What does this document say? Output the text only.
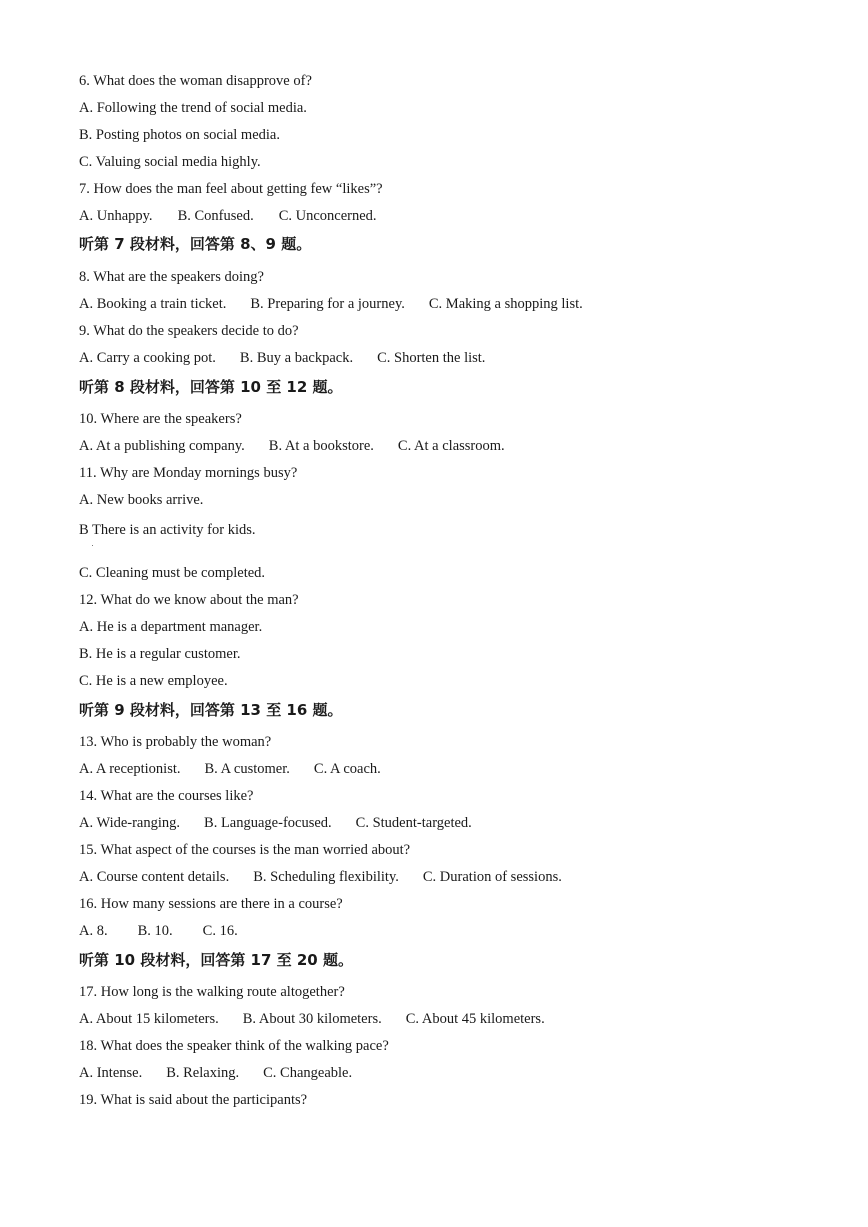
6. What does the woman disapprove of?
A. Following the trend of social media.
B. Posting photos on social media.
C. Valuing social media highly.
7. How does the man feel about getting few “likes”?
A. Unhappy. B. Confused. C. Unconcerned.
听第 7 段材料，回答第 8、9 题。
8. What are the speakers doing?
A. Booking a train ticket. B. Preparing for a journey. C. Making a shopping list.
9. What do the speakers decide to do?
A. Carry a cooking pot. B. Buy a backpack. C. Shorten the list.
听第 8 段材料，回答第 10 至 12 题。
10. Where are the speakers?
A. At a publishing company. B. At a bookstore. C. At a classroom.
11. Why are Monday mornings busy?
A. New books arrive.
B There is an activity for kids.
C. Cleaning must be completed.
12. What do we know about the man?
A. He is a department manager.
B. He is a regular customer.
C. He is a new employee.
听第 9 段材料，回答第 13 至 16 题。
13. Who is probably the woman?
A. A receptionist. B. A customer. C. A coach.
14. What are the courses like?
A. Wide-ranging. B. Language-focused. C. Student-targeted.
15. What aspect of the courses is the man worried about?
A. Course content details. B. Scheduling flexibility. C. Duration of sessions.
16. How many sessions are there in a course?
A. 8. B. 10. C. 16.
听第 10 段材料，回答第 17 至 20 题。
17. How long is the walking route altogether?
A. About 15 kilometers. B. About 30 kilometers. C. About 45 kilometers.
18. What does the speaker think of the walking pace?
A. Intense. B. Relaxing. C. Changeable.
19. What is said about the participants?
